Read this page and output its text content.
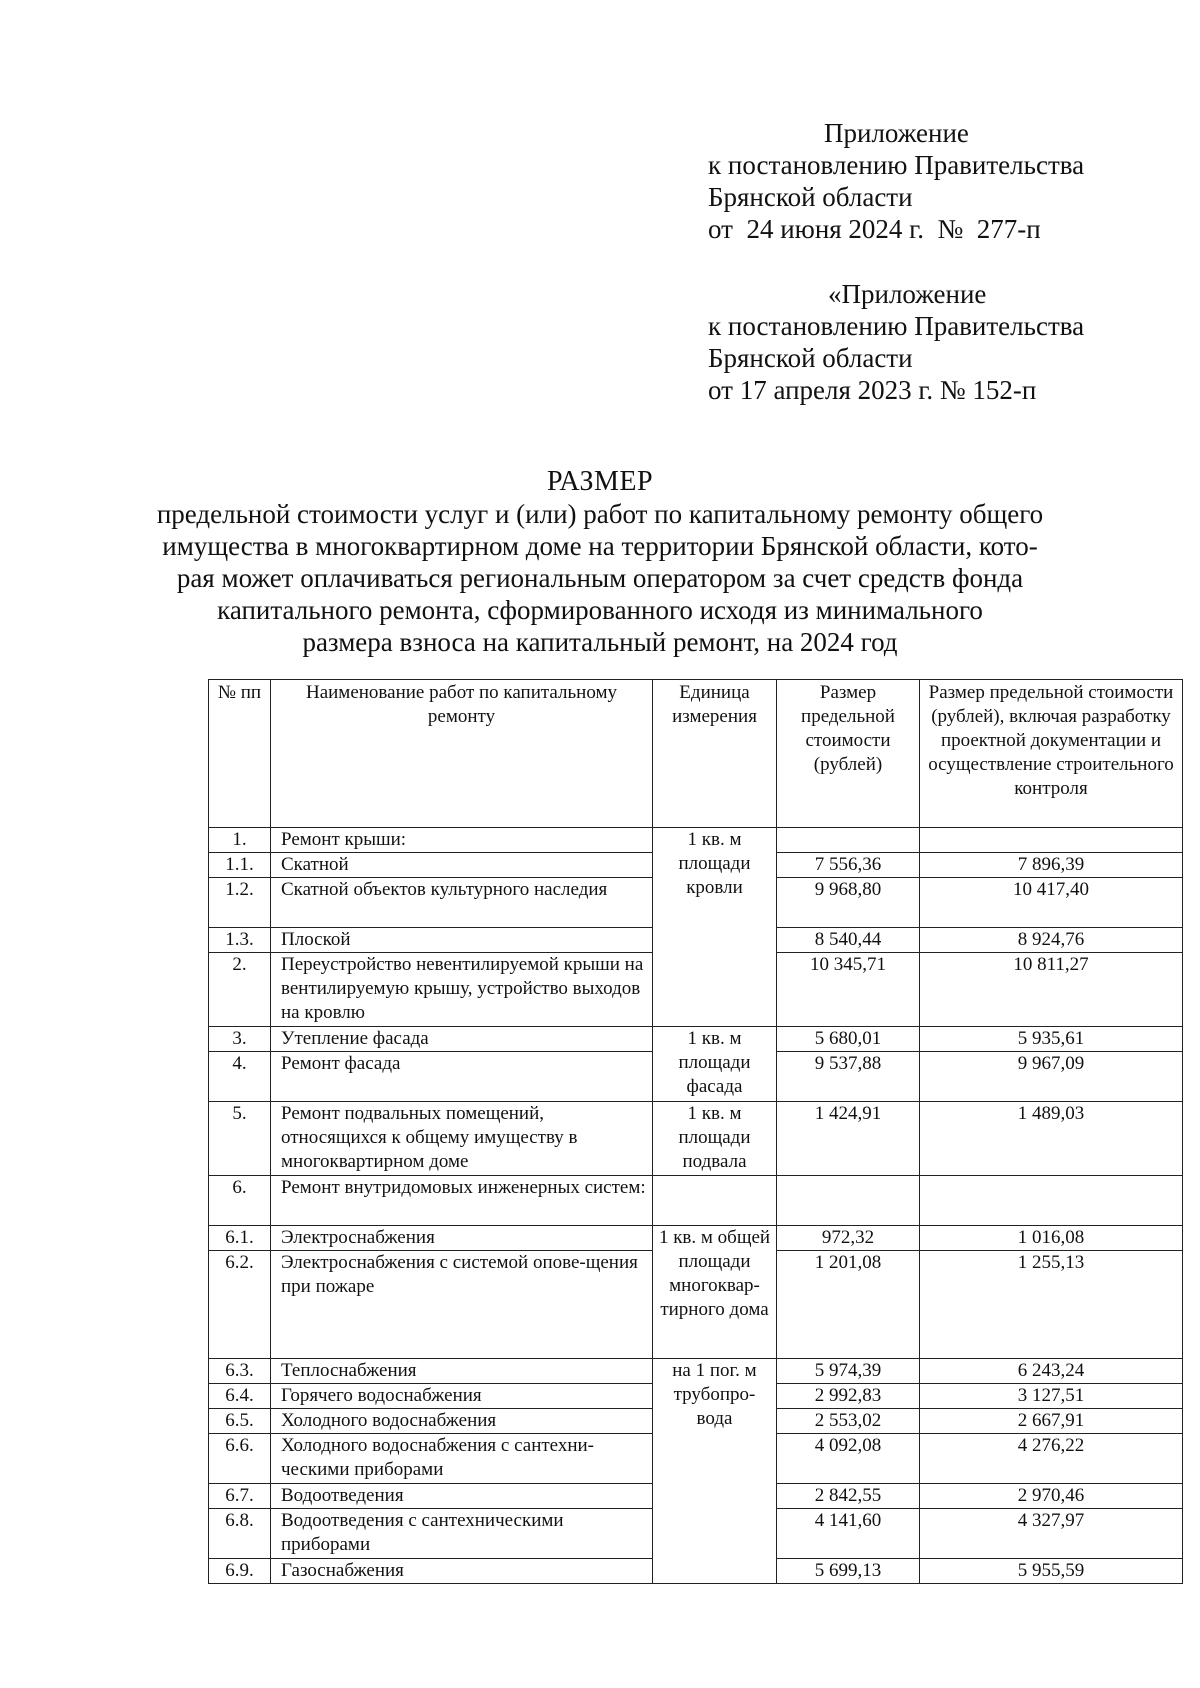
Приложение
к постановлению Правительства
Брянской области
от  24 июня 2024 г.  №  277-п
«Приложение
к постановлению Правительства
Брянской области
от 17 апреля 2023 г. № 152-п
РАЗМЕР
предельной стоимости услуг и (или) работ по капитальному ремонту общего
имущества в многоквартирном доме на территории Брянской области, кото-
рая может оплачиваться региональным оператором за счет средств фонда
капитального ремонта, сформированного исходя из минимального
размера взноса на капитальный ремонт, на 2024 год
№ пп	Наименование работ по капитальному ремонту	Единица измерения	Размер предельной стоимости (рублей)	Размер предельной стоимости (рублей), включая разработку проектной документации и осуществление строительного контроля
1.	Ремонт крыши:	1 кв. м площади кровли		
1.1.	Скатной		7 556,36	7 896,39
1.2.	Скатной объектов культурного наследия		9 968,80	10 417,40
1.3.	Плоской		8 540,44	8 924,76
2.	Переустройство невентилируемой крыши на вентилируемую крышу, устройство выходов на кровлю		10 345,71	10 811,27
3.	Утепление фасада	1 кв. м площади фасада	5 680,01	5 935,61
4.	Ремонт фасада		9 537,88	9 967,09
5.	Ремонт подвальных помещений, относящихся к общему имуществу в многоквартирном доме	1 кв. м площади подвала	1 424,91	1 489,03
6.	Ремонт внутридомовых инженерных систем:			
6.1.	Электроснабжения	1 кв. м общей площади многоквар-тирного дома	972,32	1 016,08
6.2.	Электроснабжения с системой опове-щения при пожаре		1 201,08	1 255,13
6.3.	Теплоснабжения	на 1 пог. м трубопро-вода	5 974,39	6 243,24
6.4.	Горячего водоснабжения		2 992,83	3 127,51
6.5.	Холодного водоснабжения		2 553,02	2 667,91
6.6.	Холодного водоснабжения с сантехни-ческими приборами		4 092,08	4 276,22
6.7.	Водоотведения		2 842,55	2 970,46
6.8.	Водоотведения с сантехническими приборами		4 141,60	4 327,97
6.9.	Газоснабжения		5 699,13	5 955,59
